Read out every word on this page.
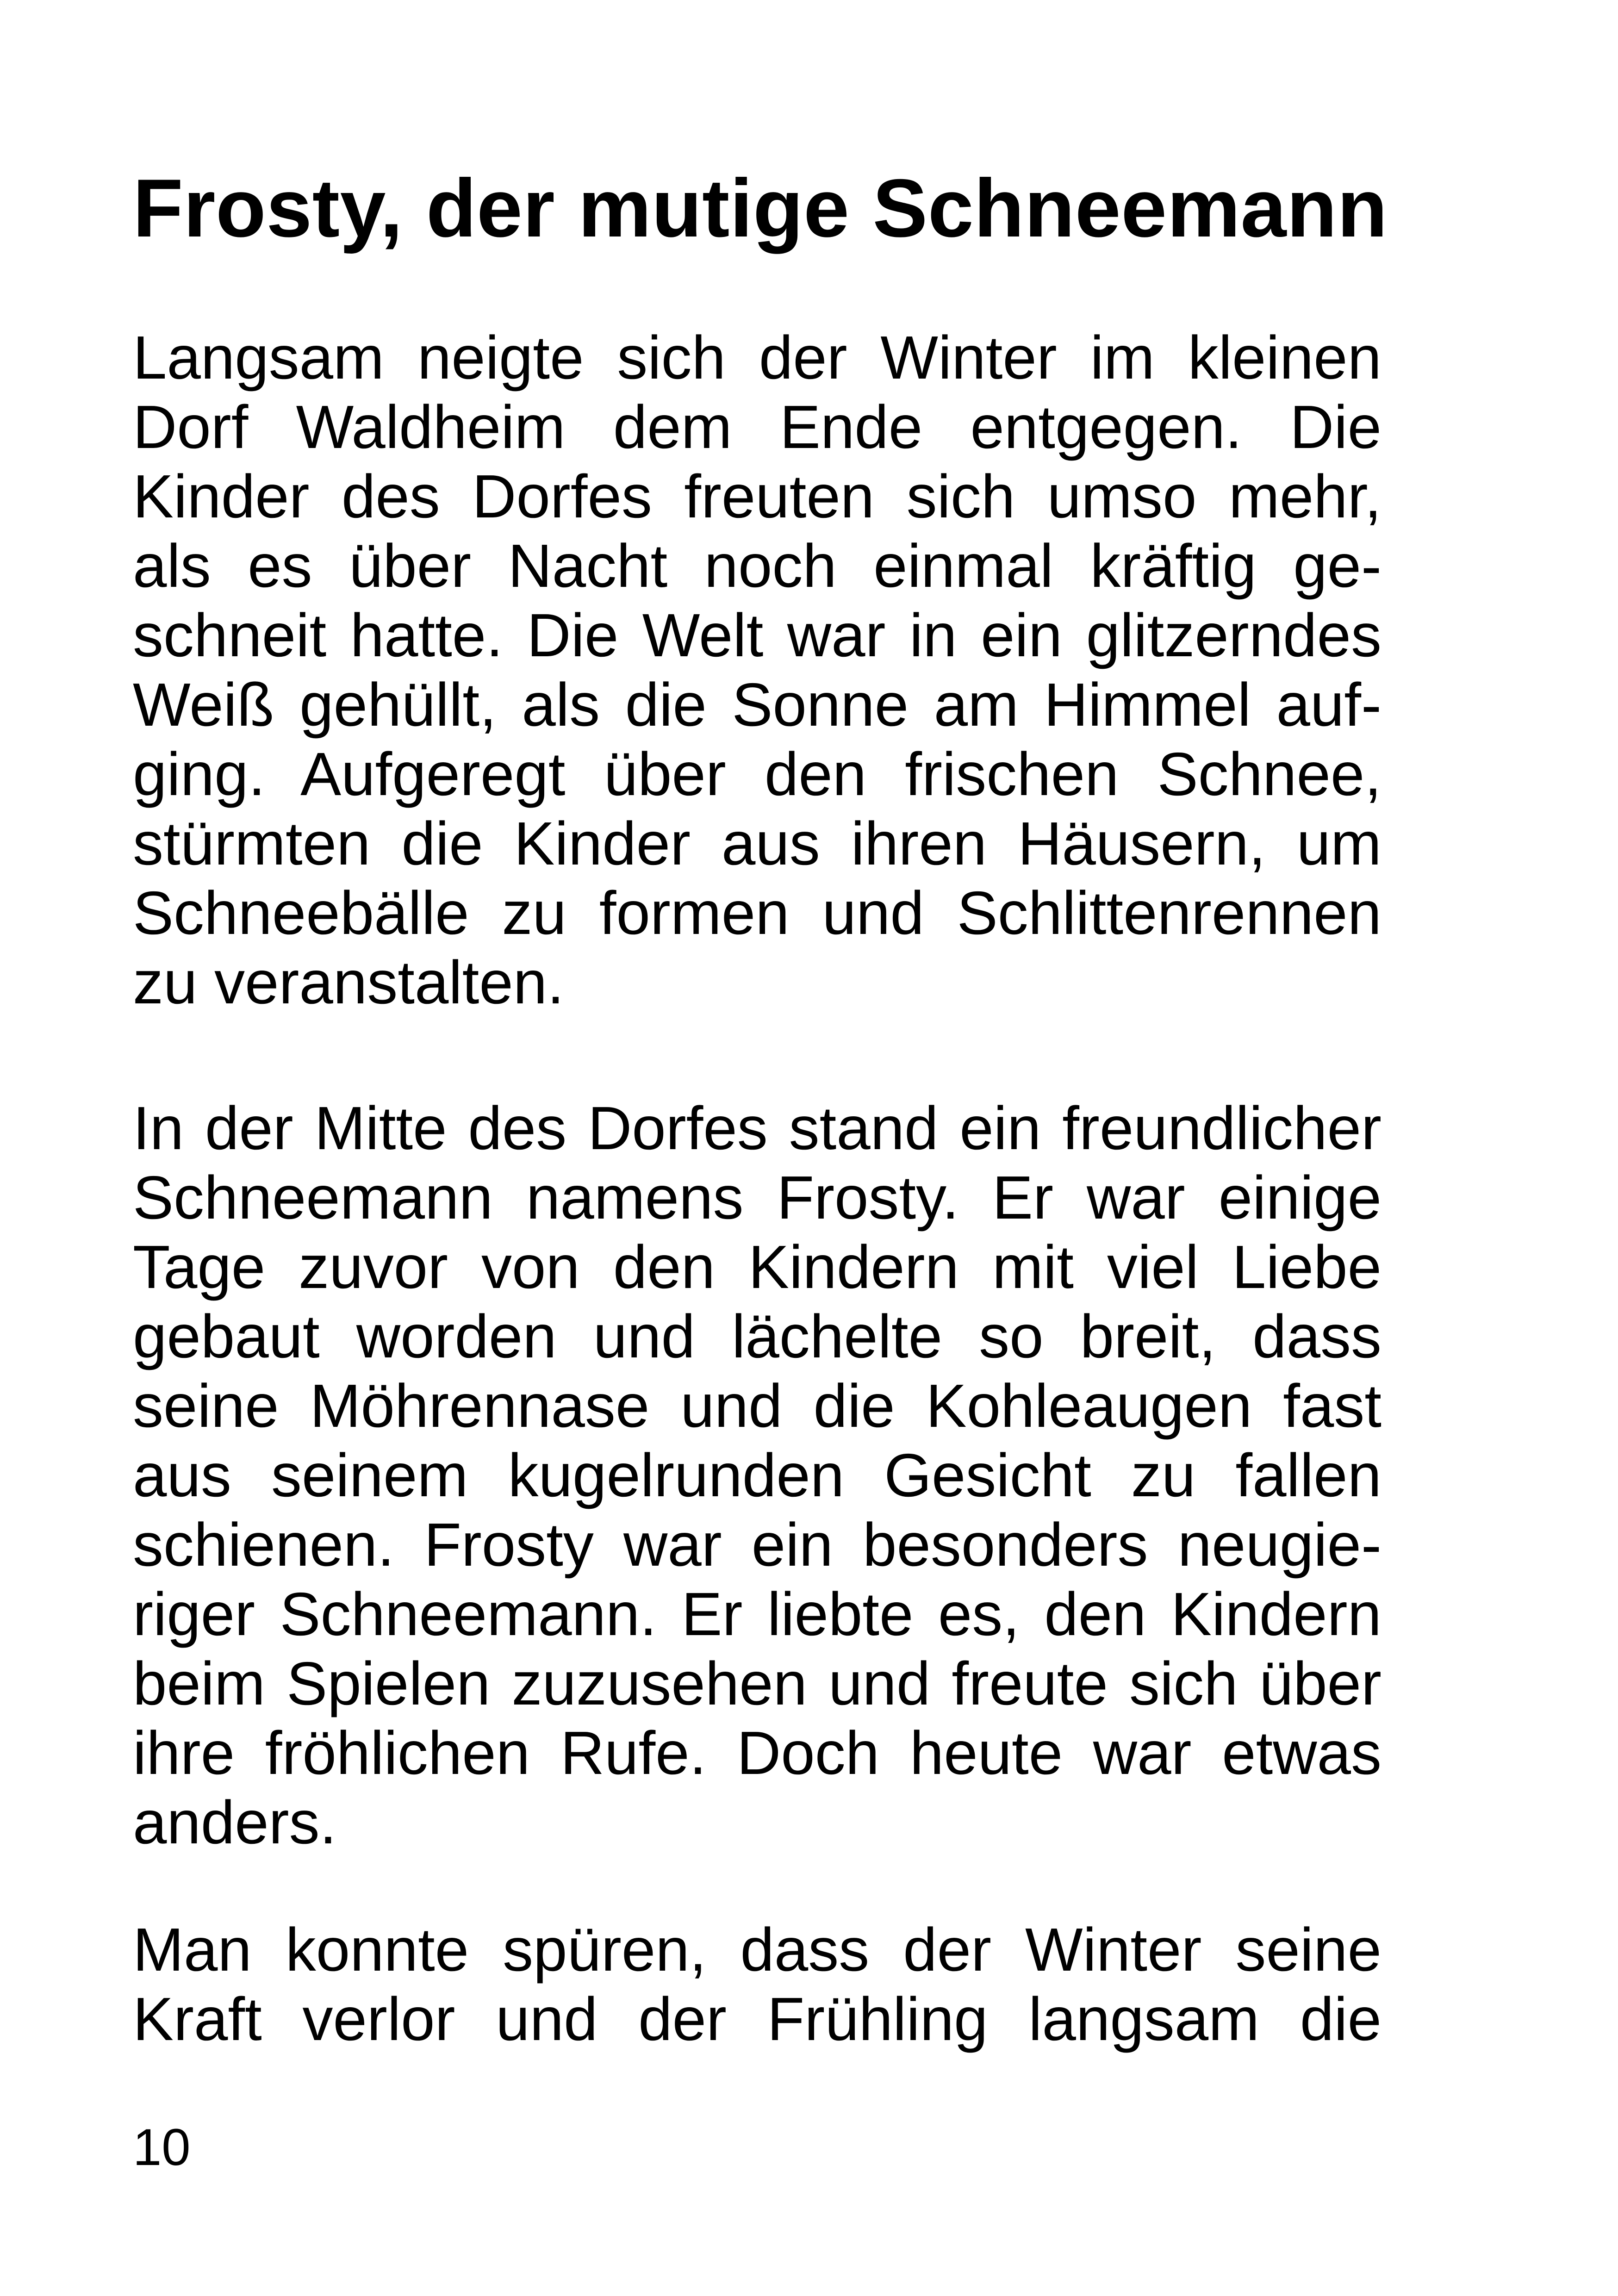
Frosty, der mutige Schneemann
Langsam neigte sich der Winter im kleinen
Dorf Waldheim dem Ende entgegen. Die
Kinder des Dorfes freuten sich umso mehr,
als es über Nacht noch einmal kräftig ge-
schneit hatte. Die Welt war in ein glitzerndes
Weiß gehüllt, als die Sonne am Himmel auf-
ging. Aufgeregt über den frischen Schnee,
stürmten die Kinder aus ihren Häusern, um
Schneebälle zu formen und Schlittenrennen
zu veranstalten.
In der Mitte des Dorfes stand ein freundlicher
Schneemann namens Frosty. Er war einige
Tage zuvor von den Kindern mit viel Liebe
gebaut worden und lächelte so breit, dass
seine Möhrennase und die Kohleaugen fast
aus seinem kugelrunden Gesicht zu fallen
schienen. Frosty war ein besonders neugie-
riger Schneemann. Er liebte es, den Kindern
beim Spielen zuzusehen und freute sich über
ihre fröhlichen Rufe. Doch heute war etwas
anders.
Man konnte spüren, dass der Winter seine
Kraft verlor und der Frühling langsam die
10
